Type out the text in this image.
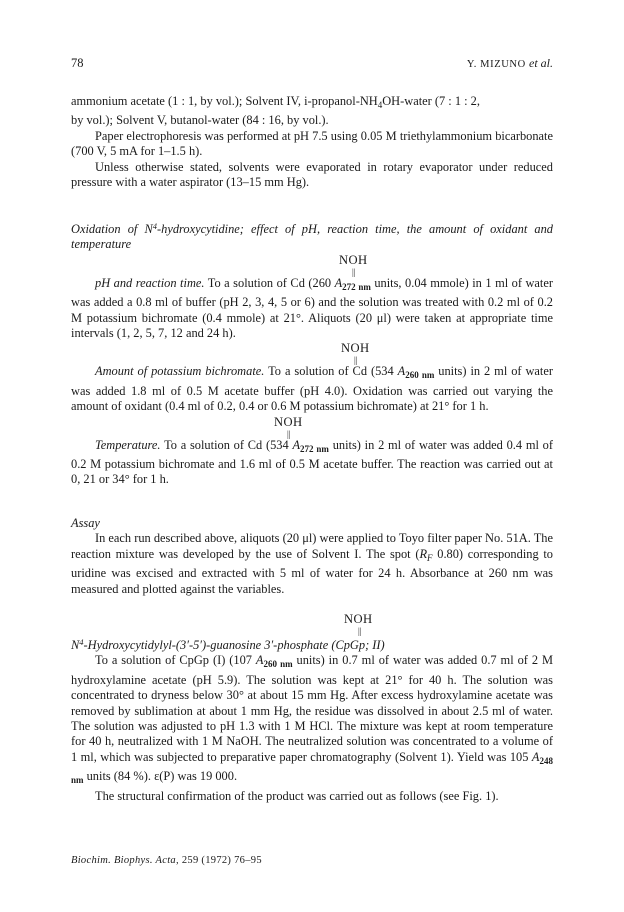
78	Y. MIZUNO et al.

ammonium acetate (1 : 1, by vol.); Solvent IV, $i-propanol-NH_4OH$-water (7 : 1 : 2,

by vol.); Solvent V, butanol-water (84 : 16, by vol.).

Paper electrophoresis was performed at pH 7.5 using 0.05 M triethylammonium bicarbonate (700 V, 5 mA for 1–1.5 h).

Unless otherwise stated, solvents were evaporated in rotary evaporator under reduced pressure with a water aspirator (13–15 mm Hg).

Oxidation of $N^4$-hydroxycytidine; effect of pH, reaction time, the amount of oxidant and temperature

NOH
||

pH and reaction time. To a solution of Cd (260 $A_{272 nm}$ units, 0.04 mmole) in 1 ml of water was added a 0.8 ml of buffer (pH 2, 3, 4, 5 or 6) and the solution was treated with 0.2 ml of 0.2 M potassium bichromate (0.4 mmole) at 21°. Aliquots (20 μl) were taken at appropriate time intervals (1, 2, 5, 7, 12 and 24 h).

NOH
||

Amount of potassium bichromate. To a solution of Cd (534 $A_{260 nm}$ units) in 2 ml of water was added 1.8 ml of 0.5 M acetate buffer (pH 4.0). Oxidation was carried out varying the amount of oxidant (0.4 ml of 0.2, 0.4 or 0.6 M potassium bichromate) at 21° for 1 h.

NOH
||

Temperature. To a solution of Cd (534 $A_{272 nm}$ units) in 2 ml of water was added 0.4 ml of 0.2 M potassium bichromate and 1.6 ml of 0.5 M acetate buffer. The reaction was carried out at 0, 21 or 34° for 1 h.

Assay

In each run described above, aliquots (20 μl) were applied to Toyo filter paper No. 51A. The reaction mixture was developed by the use of Solvent I. The spot ($R_F$ 0.80) corresponding to uridine was excised and extracted with 5 ml of water for 24 h. Absorbance at 260 nm was measured and plotted against the variables.

NOH
||

$N^4-Hydroxycytidylyl-(3'-5')$-guanosine 3′-phosphate (CpGp; II)

To a solution of CpGp (I) (107 $A_{260 nm}$ units) in 0.7 ml of water was added 0.7 ml of 2 M hydroxylamine acetate (pH 5.9). The solution was kept at 21° for 40 h. The solution was concentrated to dryness below 30° at about 15 mm Hg. After excess hydroxylamine acetate was removed by sublimation at about 1 mm Hg, the residue was dissolved in about 2.5 ml of water. The solution was adjusted to pH 1.3 with 1 M HCl. The mixture was kept at room temperature for 40 h, neutralized with 1 M NaOH. The neutralized solution was concentrated to a volume of 1 ml, which was subjected to preparative paper chromatography (Solvent 1). Yield was 105 $A_{248 nm}$ units (84 %). ε(P) was 19 000.

The structural confirmation of the product was carried out as follows (see Fig. 1).

Biochim. Biophys. Acta, 259 (1972) 76–95
